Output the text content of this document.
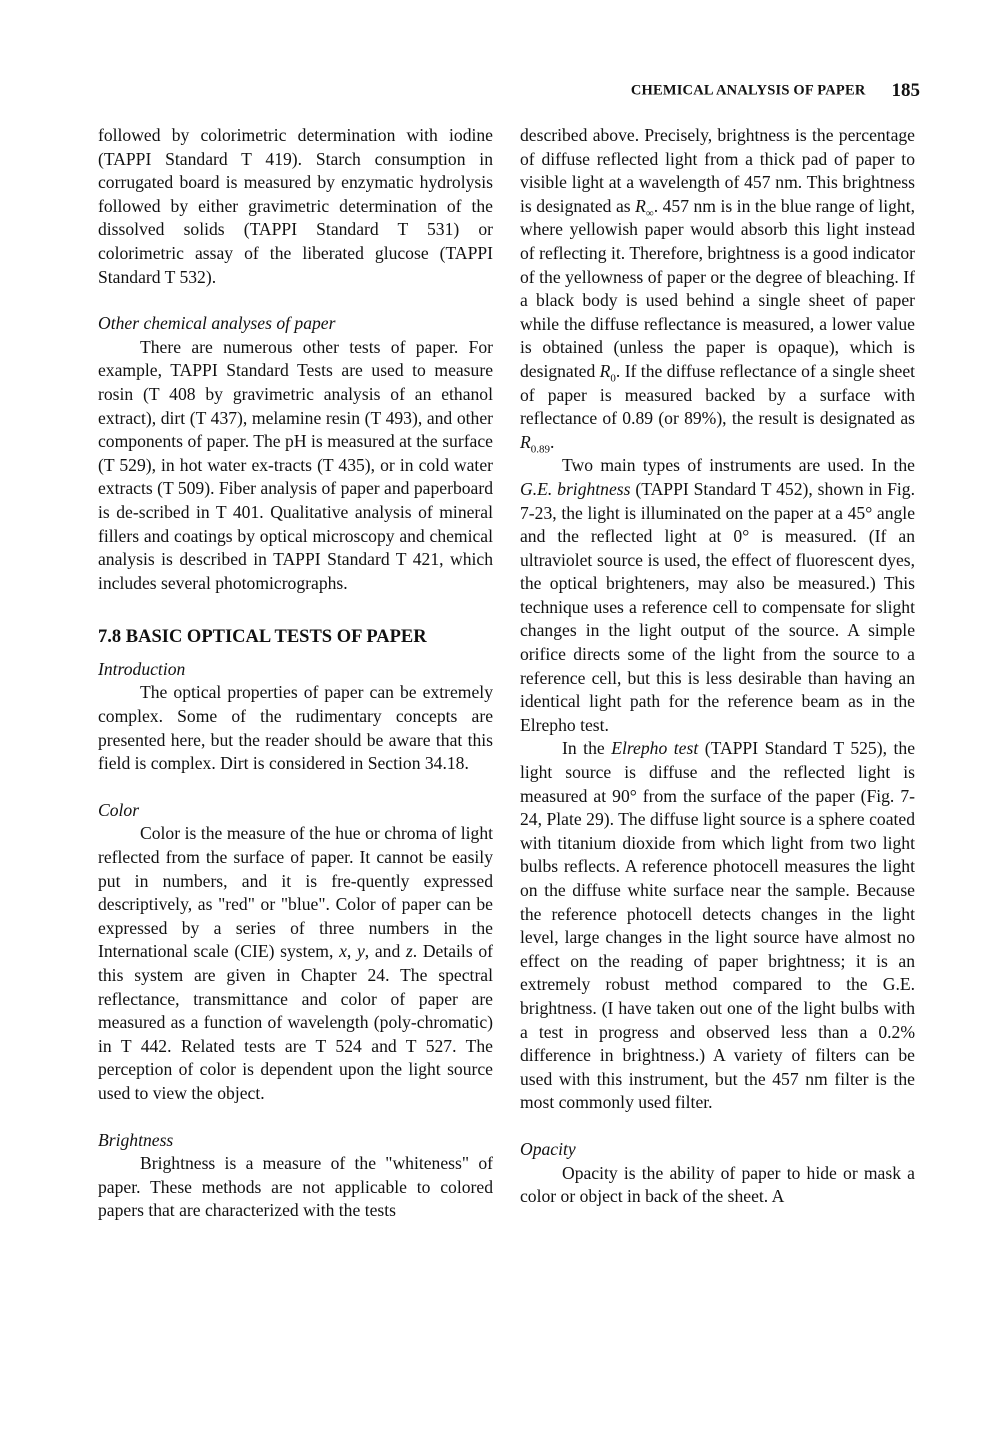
CHEMICAL ANALYSIS OF PAPER 185

followed by colorimetric determination with iodine (TAPPI Standard T 419). Starch consumption in corrugated board is measured by enzymatic hydrolysis followed by either gravimetric determination of the dissolved solids (TAPPI Standard T 531) or colorimetric assay of the liberated glucose (TAPPI Standard T 532).

Other chemical analyses of paper

There are numerous other tests of paper. For example, TAPPI Standard Tests are used to measure rosin (T 408 by gravimetric analysis of an ethanol extract), dirt (T 437), melamine resin (T 493), and other components of paper. The pH is measured at the surface (T 529), in hot water ex-tracts (T 435), or in cold water extracts (T 509). Fiber analysis of paper and paperboard is de-scribed in T 401. Qualitative analysis of mineral fillers and coatings by optical microscopy and chemical analysis is described in TAPPI Standard T 421, which includes several photomicrographs.

7.8 BASIC OPTICAL TESTS OF PAPER

Introduction

The optical properties of paper can be extremely complex. Some of the rudimentary concepts are presented here, but the reader should be aware that this field is complex. Dirt is considered in Section 34.18.

Color

Color is the measure of the hue or chroma of light reflected from the surface of paper. It cannot be easily put in numbers, and it is fre-quently expressed descriptively, as "red" or "blue". Color of paper can be expressed by a series of three numbers in the International scale (CIE) system, x, y, and z. Details of this system are given in Chapter 24. The spectral reflectance, transmittance and color of paper are measured as a function of wavelength (poly-chromatic) in T 442. Related tests are T 524 and T 527. The perception of color is dependent upon the light source used to view the object.

Brightness

Brightness is a measure of the "whiteness" of paper. These methods are not applicable to colored papers that are characterized with the tests

described above. Precisely, brightness is the percentage of diffuse reflected light from a thick pad of paper to visible light at a wavelength of 457 nm. This brightness is designated as $R_\infty$. 457 nm is in the blue range of light, where yellowish paper would absorb this light instead of reflecting it. Therefore, brightness is a good indicator of the yellowness of paper or the degree of bleaching. If a black body is used behind a single sheet of paper while the diffuse reflectance is measured, a lower value is obtained (unless the paper is opaque), which is designated $R_0$. If the diffuse reflectance of a single sheet of paper is measured backed by a surface with reflectance of 0.89 (or 89%), the result is designated as $R_{0.89}$.

Two main types of instruments are used. In the G.E. brightness (TAPPI Standard T 452), shown in Fig. 7-23, the light is illuminated on the paper at a 45° angle and the reflected light at 0° is measured. (If an ultraviolet source is used, the effect of fluorescent dyes, the optical brighteners, may also be measured.) This technique uses a reference cell to compensate for slight changes in the light output of the source. A simple orifice directs some of the light from the source to a reference cell, but this is less desirable than having an identical light path for the reference beam as in the Elrepho test.

In the Elrepho test (TAPPI Standard T 525), the light source is diffuse and the reflected light is measured at 90° from the surface of the paper (Fig. 7-24, Plate 29). The diffuse light source is a sphere coated with titanium dioxide from which light from two light bulbs reflects. A reference photocell measures the light on the diffuse white surface near the sample. Because the reference photocell detects changes in the light level, large changes in the light source have almost no effect on the reading of paper brightness; it is an extremely robust method compared to the G.E. brightness. (I have taken out one of the light bulbs with a test in progress and observed less than a 0.2% difference in brightness.) A variety of filters can be used with this instrument, but the 457 nm filter is the most commonly used filter.

Opacity

Opacity is the ability of paper to hide or mask a color or object in back of the sheet. A
